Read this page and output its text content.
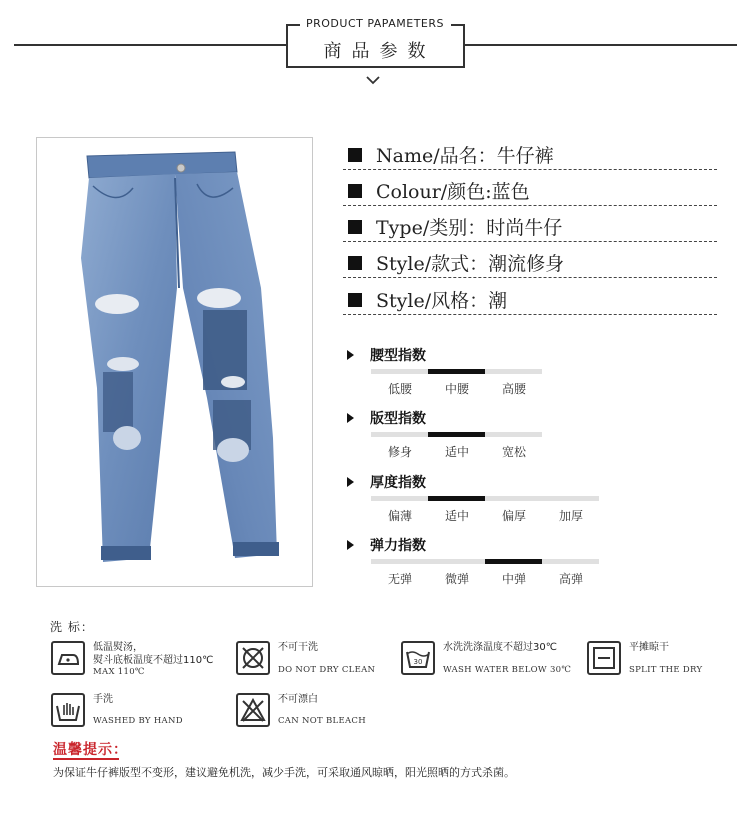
PRODUCT PAPAMETERS
商品参数
Name/品名：牛仔裤
Colour/颜色:蓝色
Type/类别：时尚牛仔
Style/款式：潮流修身
Style/风格：潮
腰型指数
低腰	中腰	高腰
版型指数
修身	适中	宽松
厚度指数
偏薄	适中	偏厚	加厚
弹力指数
无弹	微弹	中弹	高弹
洗 标：
低温熨汤，
熨斗底板温度不超过110℃
MAX 110℃
不可干洗
DO NOT DRY CLEAN
30
水洗洗涤温度不超过30℃
WASH WATER BELOW 30℃
平摊晾干
SPLIT THE DRY
手洗
WASHED BY HAND
不可漂白
CAN NOT BLEACH
温馨提示：
为保证牛仔裤版型不变形，建议避免机洗，减少手洗，可采取通风晾晒，阳光照晒的方式杀菌。
